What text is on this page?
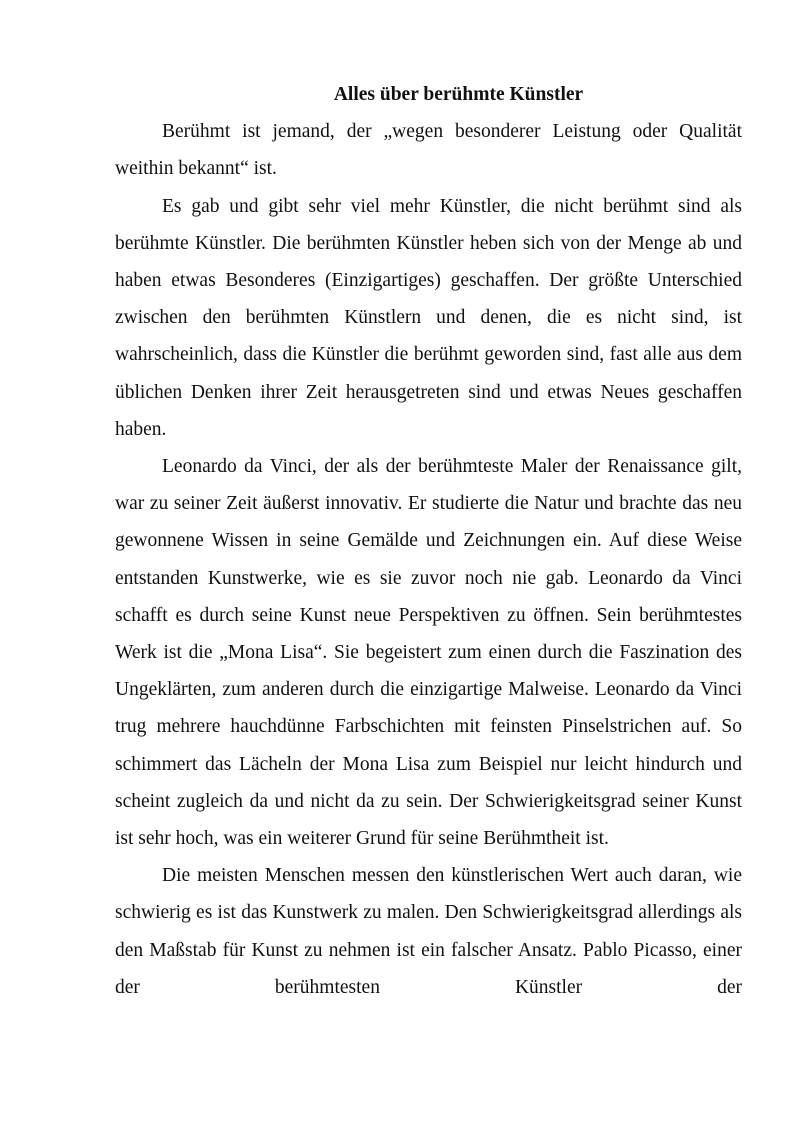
Alles über berühmte Künstler

Berühmt ist jemand, der „wegen besonderer Leistung oder Qualität weithin bekannt“ ist.

Es gab und gibt sehr viel mehr Künstler, die nicht berühmt sind als berühmte Künstler. Die berühmten Künstler heben sich von der Menge ab und haben etwas Besonderes (Einzigartiges) geschaffen. Der größte Unterschied zwischen den berühmten Künstlern und denen, die es nicht sind, ist wahrscheinlich, dass die Künstler die berühmt geworden sind, fast alle aus dem üblichen Denken ihrer Zeit herausgetreten sind und etwas Neues geschaffen haben.

Leonardo da Vinci, der als der berühmteste Maler der Renaissance gilt, war zu seiner Zeit äußerst innovativ. Er studierte die Natur und brachte das neu gewonnene Wissen in seine Gemälde und Zeichnungen ein. Auf diese Weise entstanden Kunstwerke, wie es sie zuvor noch nie gab. Leonardo da Vinci schafft es durch seine Kunst neue Perspektiven zu öffnen. Sein berühmtestes Werk ist die „Mona Lisa“. Sie begeistert zum einen durch die Faszination des Ungeklärten, zum anderen durch die einzigartige Malweise. Leonardo da Vinci trug mehrere hauchdünne Farbschichten mit feinsten Pinselstrichen auf. So schimmert das Lächeln der Mona Lisa zum Beispiel nur leicht hindurch und scheint zugleich da und nicht da zu sein. Der Schwierigkeitsgrad seiner Kunst ist sehr hoch, was ein weiterer Grund für seine Berühmtheit ist.

Die meisten Menschen messen den künstlerischen Wert auch daran, wie schwierig es ist das Kunstwerk zu malen. Den Schwierigkeitsgrad allerdings als den Maßstab für Kunst zu nehmen ist ein falscher Ansatz. Pablo Picasso, einer der berühmtesten Künstler der
